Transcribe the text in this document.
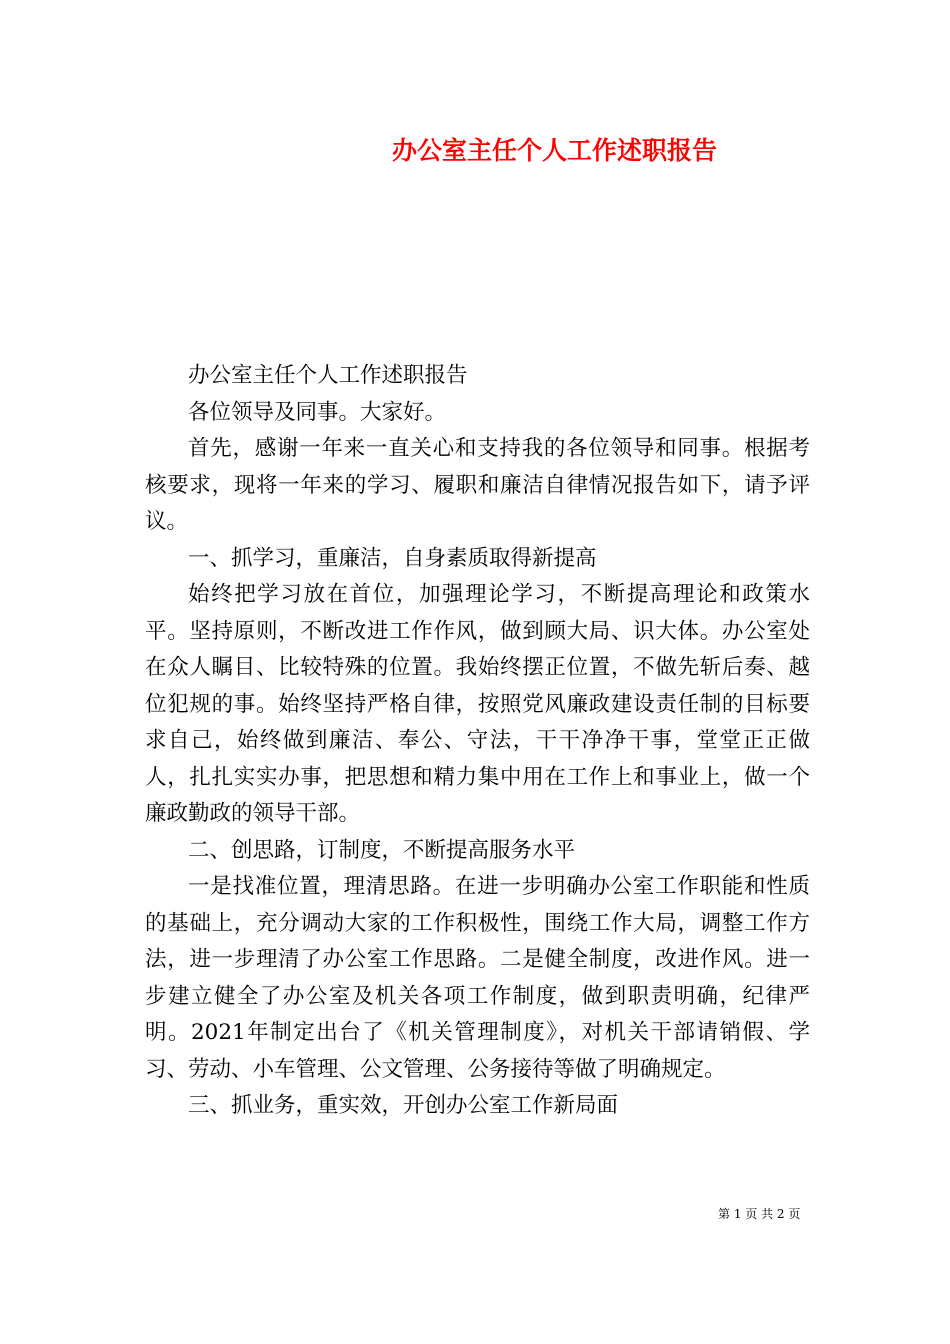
办公室主任个人工作述职报告

办公室主任个人工作述职报告

各位领导及同事。大家好。

首先，感谢一年来一直关心和支持我的各位领导和同事。根据考核要求，现将一年来的学习、履职和廉洁自律情况报告如下，请予评议。

一、抓学习，重廉洁，自身素质取得新提高

始终把学习放在首位，加强理论学习，不断提高理论和政策水平。坚持原则，不断改进工作作风，做到顾大局、识大体。办公室处在众人瞩目、比较特殊的位置。我始终摆正位置，不做先斩后奏、越位犯规的事。始终坚持严格自律，按照党风廉政建设责任制的目标要求自己，始终做到廉洁、奉公、守法，干干净净干事，堂堂正正做人，扎扎实实办事，把思想和精力集中用在工作上和事业上，做一个廉政勤政的领导干部。

二、创思路，订制度，不断提高服务水平

一是找准位置，理清思路。在进一步明确办公室工作职能和性质的基础上，充分调动大家的工作积极性，围绕工作大局，调整工作方法，进一步理清了办公室工作思路。二是健全制度，改进作风。进一步建立健全了办公室及机关各项工作制度，做到职责明确，纪律严明。2021年制定出台了《机关管理制度》，对机关干部请销假、学习、劳动、小车管理、公文管理、公务接待等做了明确规定。

三、抓业务，重实效，开创办公室工作新局面

第 1 页 共 2 页
